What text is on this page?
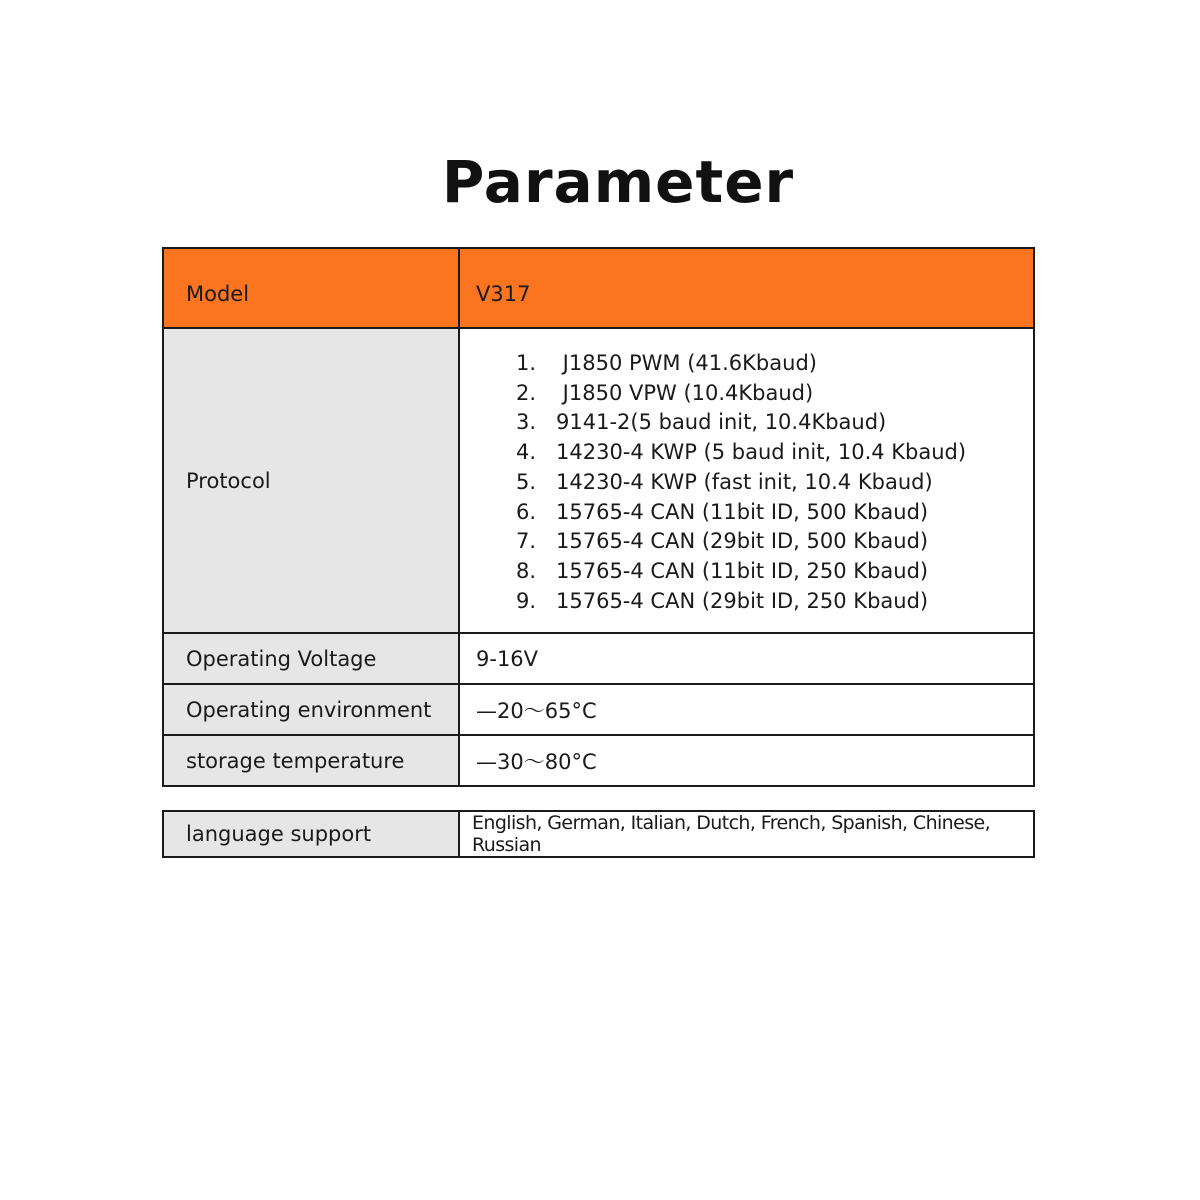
Parameter
Model	V317
Protocol	
1. J1850 PWM (41.6Kbaud)
2. J1850 VPW (10.4Kbaud)
3. 9141-2(5 baud init, 10.4Kbaud)
4. 14230-4 KWP (5 baud init, 10.4 Kbaud)
5. 14230-4 KWP (fast init, 10.4 Kbaud)
6. 15765-4 CAN (11bit ID, 500 Kbaud)
7. 15765-4 CAN (29bit ID, 500 Kbaud)
8. 15765-4 CAN (11bit ID, 250 Kbaud)
9. 15765-4 CAN (29bit ID, 250 Kbaud)

Operating Voltage	9-16V
Operating environment	—20～65°C
storage temperature	—30～80°C
language support	English, German, Italian, Dutch, French, Spanish, Chinese, Russian
